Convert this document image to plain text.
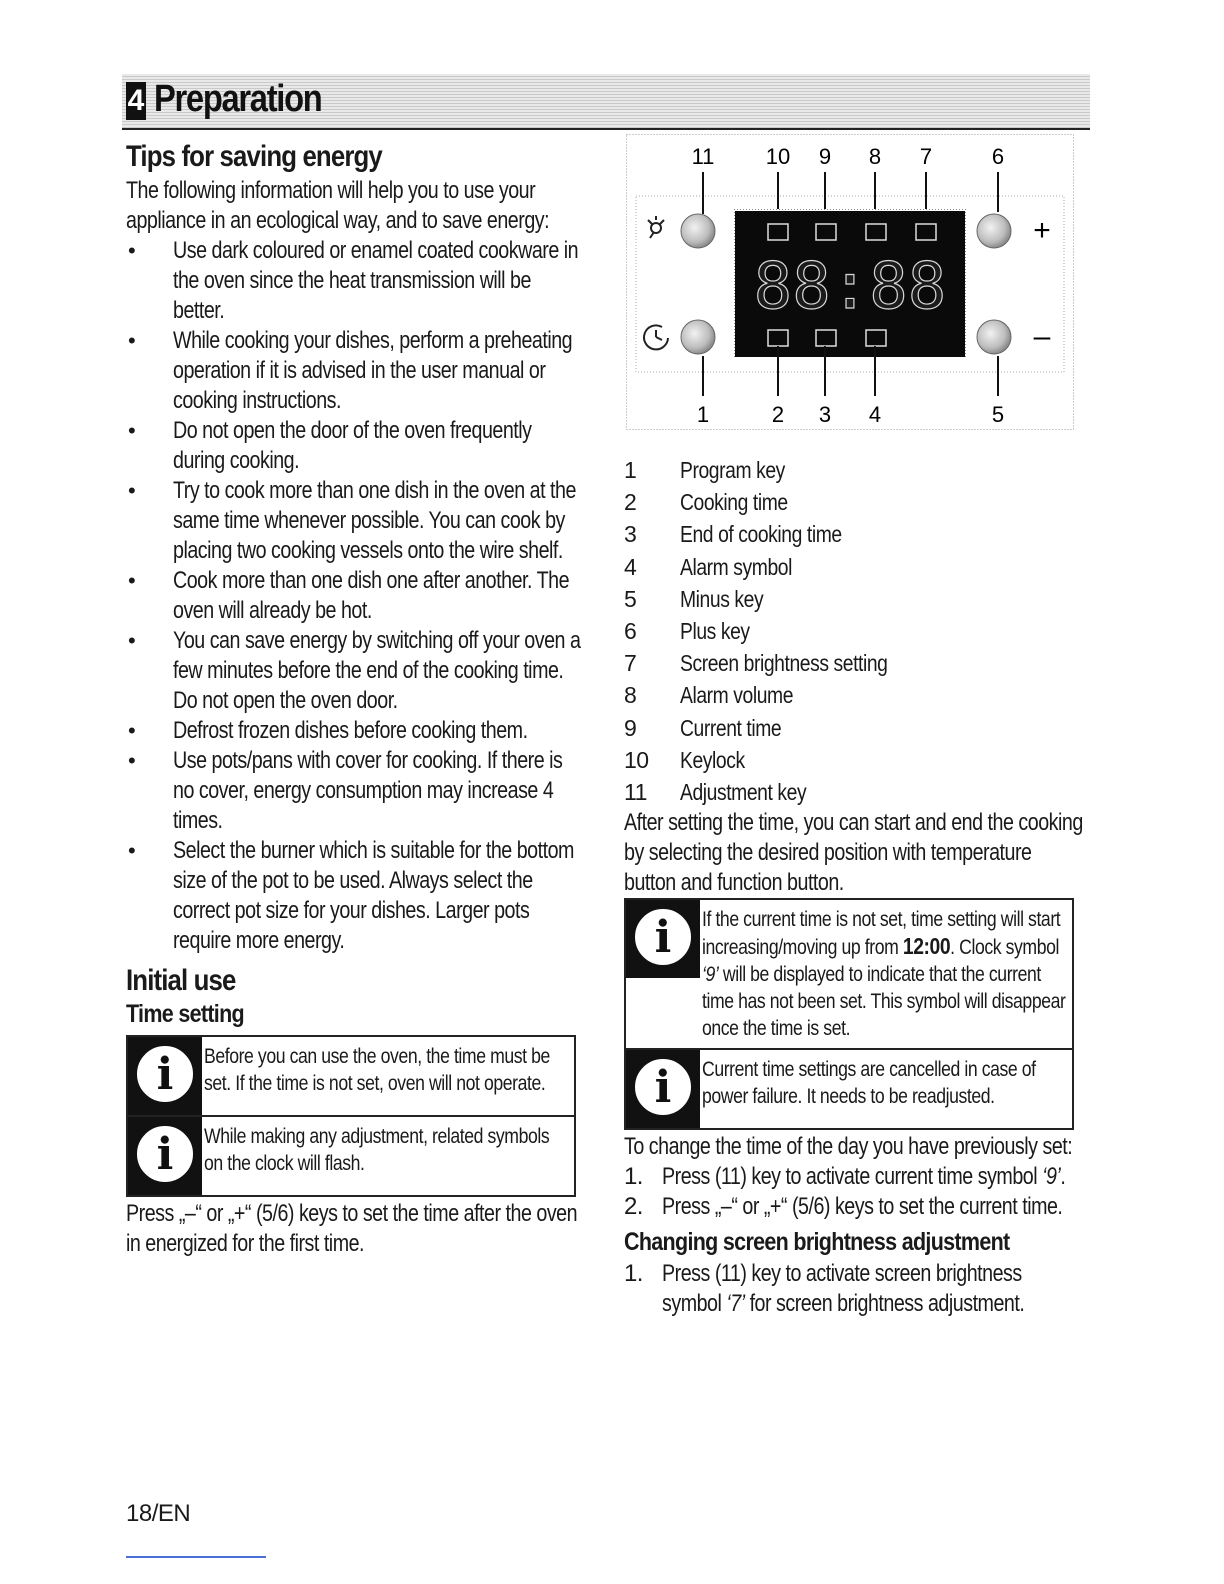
4 Preparation
Tips for saving energy
The following information will help you to use your appliance in an ecological way, and to save energy:
• Use dark coloured or enamel coated cookware in the oven since the heat transmission will be better.
• While cooking your dishes, perform a preheating operation if it is advised in the user manual or cooking instructions.
• Do not open the door of the oven frequently during cooking.
• Try to cook more than one dish in the oven at the same time whenever possible. You can cook by placing two cooking vessels onto the wire shelf.
• Cook more than one dish one after another. The oven will already be hot.
• You can save energy by switching off your oven a few minutes before the end of the cooking time. Do not open the oven door.
• Defrost frozen dishes before cooking them.
• Use pots/pans with cover for cooking. If there is no cover, energy consumption may increase 4 times.
• Select the burner which is suitable for the bottom size of the pot to be used. Always select the correct pot size for your dishes. Larger pots require more energy.
Initial use
Time setting
i	Before you can use the oven, the time must be set. If the time is not set, oven will not operate.
i	While making any adjustment, related symbols on the clock will flash.
Press „–“ or „+“ (5/6) keys to set the time after the oven in energized for the first time.
11 10 9 8 7	6
88:88
+
–
1	2 3 4	5
1	Program key
2	Cooking time
3	End of cooking time
4	Alarm symbol
5	Minus key
6	Plus key
7	Screen brightness setting
8	Alarm volume
9	Current time
10	Keylock
11	Adjustment key
After setting the time, you can start and end the cooking by selecting the desired position with temperature button and function button.
i	If the current time is not set, time setting will start increasing/moving up from 12:00. Clock symbol ‘9’ will be displayed to indicate that the current time has not been set. This symbol will disappear once the time is set.
i	Current time settings are cancelled in case of power failure. It needs to be readjusted.
To change the time of the day you have previously set:
1. Press (11) key to activate current time symbol ‘9’.
2. Press „–“ or „+“ (5/6) keys to set the current time.
Changing screen brightness adjustment
1. Press (11) key to activate screen brightness symbol ‘7’ for screen brightness adjustment.
18/EN
